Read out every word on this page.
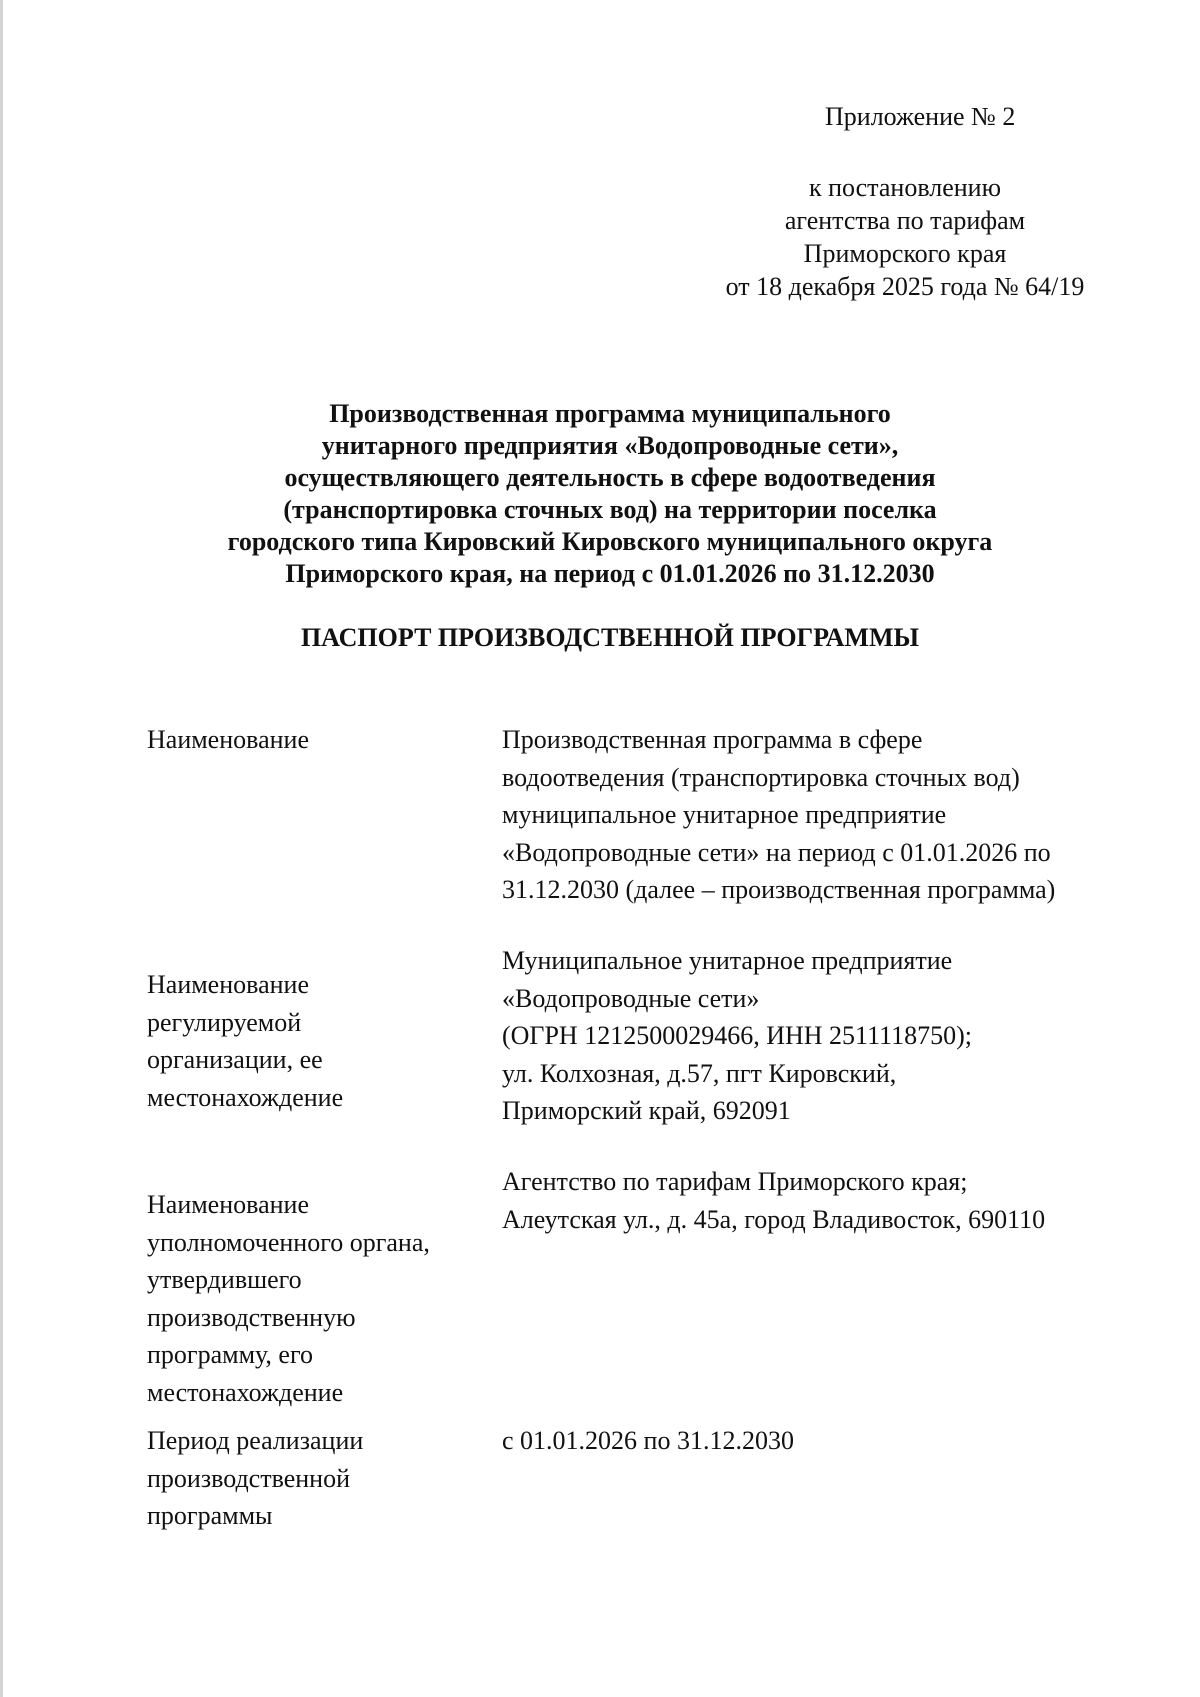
Приложение № 2
к постановлению
агентства по тарифам
Приморского края
от 18 декабря 2025 года № 64/19
Производственная программа муниципального
унитарного предприятия «Водопроводные сети»,
осуществляющего деятельность в сфере водоотведения
(транспортировка сточных вод) на территории поселка
городского типа Кировский Кировского муниципального округа
Приморского края, на период с 01.01.2026 по 31.12.2030
ПАСПОРТ ПРОИЗВОДСТВЕННОЙ ПРОГРАММЫ
Наименование	Производственная программа в сфере
водоотведения (транспортировка сточных вод)
муниципальное унитарное предприятие
«Водопроводные сети» на период с 01.01.2026 по
31.12.2030 (далее – производственная программа)
Наименование
регулируемой
организации, ее
местонахождение
Муниципальное унитарное предприятие
«Водопроводные сети»
(ОГРН 1212500029466, ИНН 2511118750);
ул. Колхозная, д.57, пгт Кировский,
Приморский край, 692091
Наименование
уполномоченного органа,
утвердившего
производственную
программу, его
местонахождение
Агентство по тарифам Приморского края;
Алеутская ул., д. 45а, город Владивосток, 690110
Период реализации
производственной
программы
с 01.01.2026 по 31.12.2030
